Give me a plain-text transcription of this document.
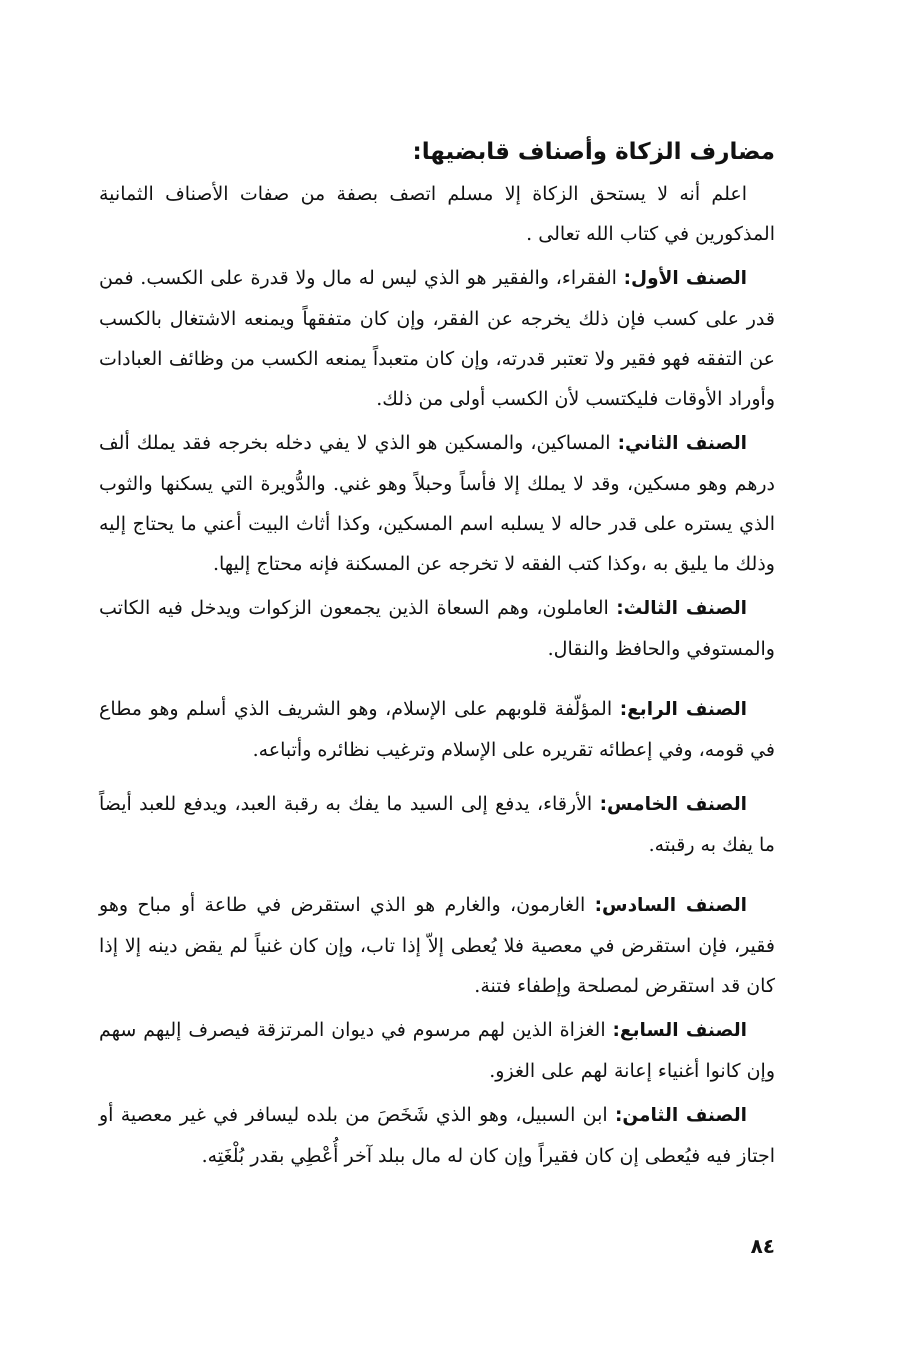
مضارف الزكاة وأصناف قابضيها:

اعلم أنه لا يستحق الزكاة إلا مسلم اتصف بصفة من صفات الأصناف الثمانية المذكورين في كتاب الله تعالى .

الصنف الأول: الفقراء، والفقير هو الذي ليس له مال ولا قدرة على الكسب. فمن قدر على كسب فإن ذلك يخرجه عن الفقر، وإن كان متفقهاً ويمنعه الاشتغال بالكسب عن التفقه فهو فقير ولا تعتبر قدرته، وإن كان متعبداً يمنعه الكسب من وظائف العبادات وأوراد الأوقات فليكتسب لأن الكسب أولى من ذلك.

الصنف الثاني: المساكين، والمسكين هو الذي لا يفي دخله بخرجه فقد يملك ألف درهم وهو مسكين، وقد لا يملك إلا فأساً وحبلاً وهو غني. والدُّويرة التي يسكنها والثوب الذي يستره على قدر حاله لا يسلبه اسم المسكين، وكذا أثاث البيت أعني ما يحتاج إليه وذلك ما يليق به ،وكذا كتب الفقه لا تخرجه عن المسكنة فإنه محتاج إليها.

الصنف الثالث: العاملون، وهم السعاة الذين يجمعون الزكوات ويدخل فيه الكاتب والمستوفي والحافظ والنقال.

الصنف الرابع: المؤلّفة قلوبهم على الإسلام، وهو الشريف الذي أسلم وهو مطاع في قومه، وفي إعطائه تقريره على الإسلام وترغيب نظائره وأتباعه.

الصنف الخامس: الأرقاء، يدفع إلى السيد ما يفك به رقبة العبد، ويدفع للعبد أيضاً ما يفك به رقبته.

الصنف السادس: الغارمون، والغارم هو الذي استقرض في طاعة أو مباح وهو فقير، فإن استقرض في معصية فلا يُعطى إلاّ إذا تاب، وإن كان غنياً لم يقض دينه إلا إذا كان قد استقرض لمصلحة وإطفاء فتنة.

الصنف السابع: الغزاة الذين لهم مرسوم في ديوان المرتزقة فيصرف إليهم سهم وإن كانوا أغنياء إعانة لهم على الغزو.

الصنف الثامن: ابن السبيل، وهو الذي شَخَصَ من بلده ليسافر في غير معصية أو اجتاز فيه فيُعطى إن كان فقيراً وإن كان له مال ببلد آخر أُعْطِي بقدر بُلْغَتِه.

٨٤
